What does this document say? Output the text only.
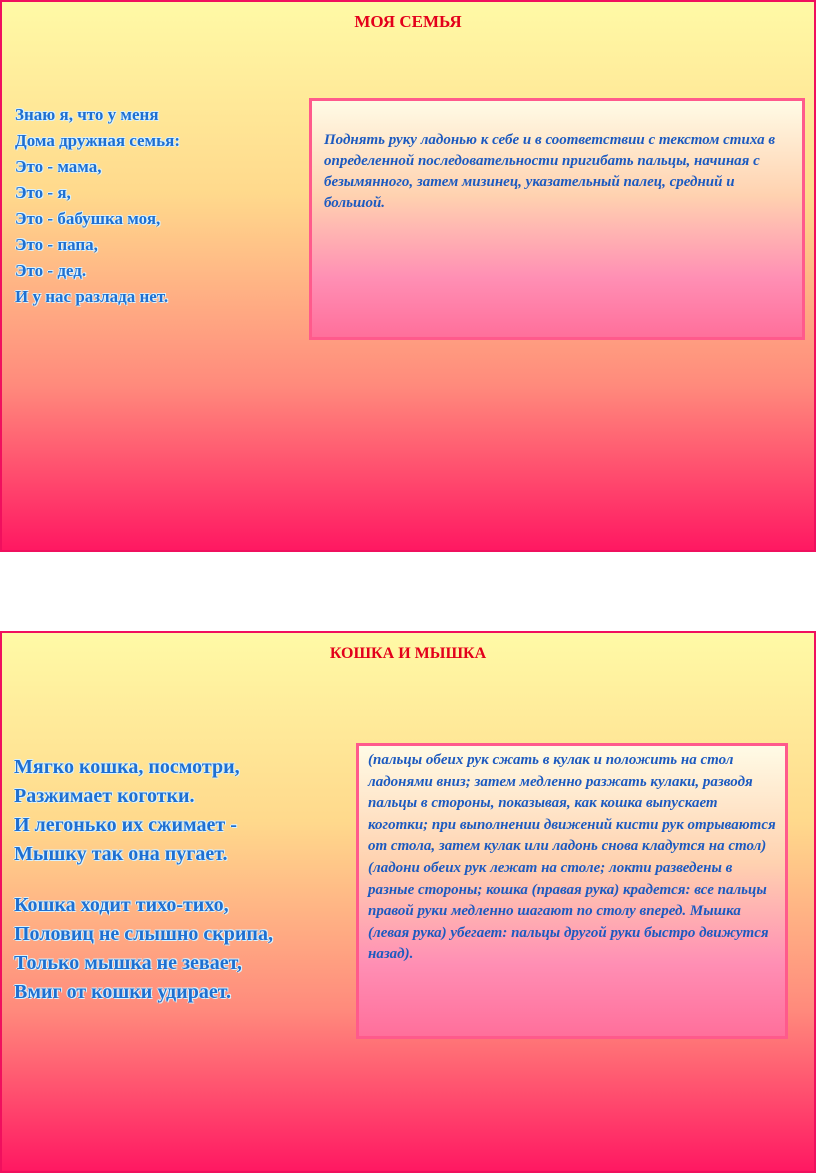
МОЯ СЕМЬЯ
Знаю я, что у меня
Дома дружная семья:
Это - мама,
Это - я,
Это - бабушка моя,
Это - папа,
Это - дед.
И у нас разлада нет.
Поднять руку ладонью к себе и в соответствии с текстом стиха в определенной последовательности пригибать пальцы, начиная с безымянного, затем мизинец, указательный палец, средний и большой.
КОШКА И МЫШКА
Мягко кошка, посмотри,
Разжимает коготки.
И легонько их сжимает -
Мышку так она пугает.
Кошка ходит тихо-тихо,
Половиц не слышно скрипа,
Только мышка не зевает,
Вмиг от кошки удирает.
(пальцы обеих рук сжать в кулак и положить на стол ладонями вниз; затем медленно разжать кулаки, разводя пальцы в стороны, показывая, как кошка выпускает коготки; при выполнении движений кисти рук отрываются от стола, затем кулак или ладонь снова кладутся на стол)
(ладони обеих рук лежат на столе; локти разведены в разные стороны; кошка (правая рука) крадется: все пальцы правой руки медленно шагают по столу вперед. Мышка (левая рука) убегает: пальцы другой руки быстро движутся назад).
